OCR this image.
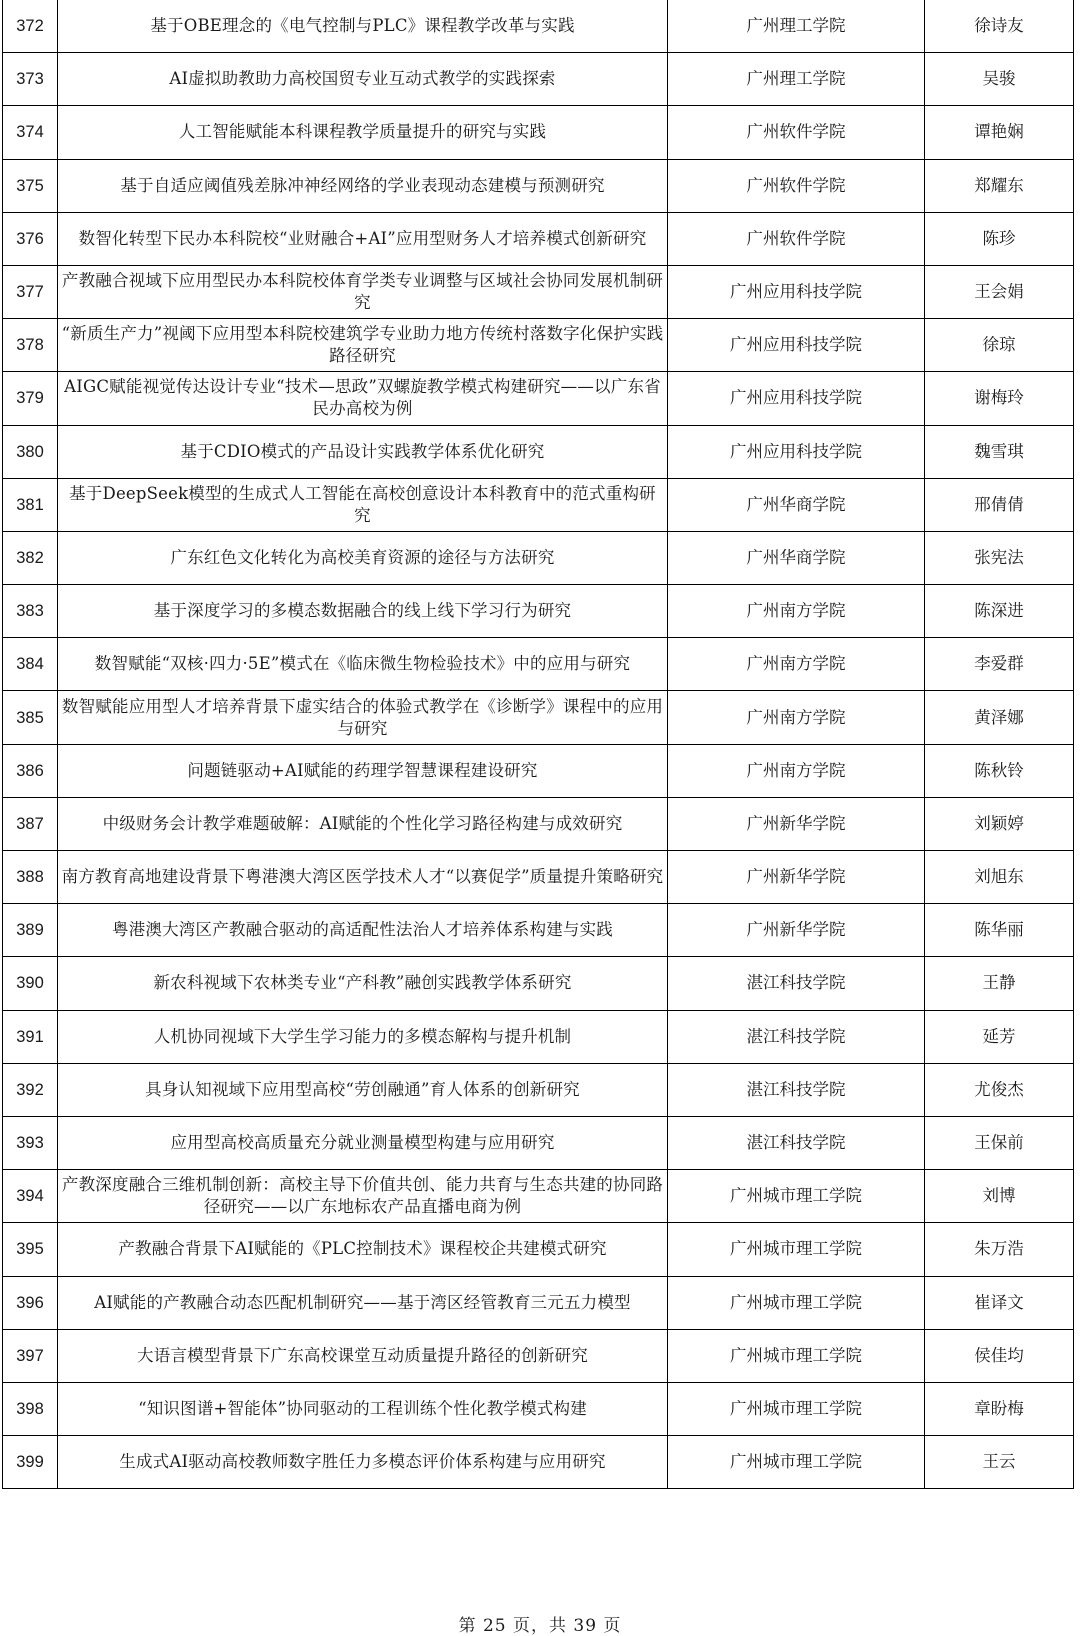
372	基于OBE理念的《电气控制与PLC》课程教学改革与实践	广州理工学院	徐诗友
373	AI虚拟助教助力高校国贸专业互动式教学的实践探索	广州理工学院	吴骏
374	人工智能赋能本科课程教学质量提升的研究与实践	广州软件学院	谭艳娴
375	基于自适应阈值残差脉冲神经网络的学业表现动态建模与预测研究	广州软件学院	郑耀东
376	数智化转型下民办本科院校“业财融合+AI”应用型财务人才培养模式创新研究	广州软件学院	陈珍
377	产教融合视域下应用型民办本科院校体育学类专业调整与区域社会协同发展机制研究	广州应用科技学院	王会娟
378	“新质生产力”视阈下应用型本科院校建筑学专业助力地方传统村落数字化保护实践路径研究	广州应用科技学院	徐琼
379	AIGC赋能视觉传达设计专业“技术—思政”双螺旋教学模式构建研究——以广东省民办高校为例	广州应用科技学院	谢梅玲
380	基于CDIO模式的产品设计实践教学体系优化研究	广州应用科技学院	魏雪琪
381	基于DeepSeek模型的生成式人工智能在高校创意设计本科教育中的范式重构研究	广州华商学院	邢倩倩
382	广东红色文化转化为高校美育资源的途径与方法研究	广州华商学院	张宪法
383	基于深度学习的多模态数据融合的线上线下学习行为研究	广州南方学院	陈深进
384	数智赋能“双核·四力·5E”模式在《临床微生物检验技术》中的应用与研究	广州南方学院	李爱群
385	数智赋能应用型人才培养背景下虚实结合的体验式教学在《诊断学》课程中的应用与研究	广州南方学院	黄泽娜
386	问题链驱动+AI赋能的药理学智慧课程建设研究	广州南方学院	陈秋铃
387	中级财务会计教学难题破解：AI赋能的个性化学习路径构建与成效研究	广州新华学院	刘颖婷
388	南方教育高地建设背景下粤港澳大湾区医学技术人才“以赛促学”质量提升策略研究	广州新华学院	刘旭东
389	粤港澳大湾区产教融合驱动的高适配性法治人才培养体系构建与实践	广州新华学院	陈华丽
390	新农科视域下农林类专业“产科教”融创实践教学体系研究	湛江科技学院	王静
391	人机协同视域下大学生学习能力的多模态解构与提升机制	湛江科技学院	延芳
392	具身认知视域下应用型高校“劳创融通”育人体系的创新研究	湛江科技学院	尤俊杰
393	应用型高校高质量充分就业测量模型构建与应用研究	湛江科技学院	王保前
394	产教深度融合三维机制创新：高校主导下价值共创、能力共育与生态共建的协同路径研究——以广东地标农产品直播电商为例	广州城市理工学院	刘博
395	产教融合背景下AI赋能的《PLC控制技术》课程校企共建模式研究	广州城市理工学院	朱万浩
396	AI赋能的产教融合动态匹配机制研究——基于湾区经管教育三元五力模型	广州城市理工学院	崔译文
397	大语言模型背景下广东高校课堂互动质量提升路径的创新研究	广州城市理工学院	侯佳均
398	“知识图谱+智能体”协同驱动的工程训练个性化教学模式构建	广州城市理工学院	章盼梅
399	生成式AI驱动高校教师数字胜任力多模态评价体系构建与应用研究	广州城市理工学院	王云
第 25 页，共 39 页
